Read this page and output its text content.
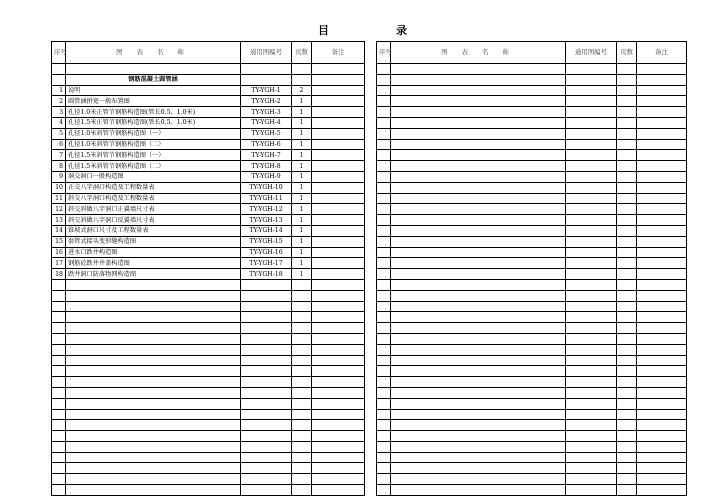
目	录
序号	图 表 名 称	通用图编号	页数	备注

	钢筋混凝土圆管涵			
1	说明	TY-YGH-1	2	
2	圆管涵拼宽一般布置图	TY-YGH-2	1	
3	孔径1.0米正管节钢筋构造图(管长0.5、1.0米)	TY-YGH-3	1	
4	孔径1.5米正管节钢筋构造图(管长0.5、1.0米)	TY-YGH-4	1	
5	孔径1.0米斜管节钢筋构造图（一）	TY-YGH-5	1	
6	孔径1.0米斜管节钢筋构造图（二）	TY-YGH-6	1	
7	孔径1.5米斜管节钢筋构造图（一）	TY-YGH-7	1	
8	孔径1.5米斜管节钢筋构造图（二）	TY-YGH-8	1	
9	洞交洞口一般构造图	TY-YGH-9	1	
10	正交八字洞口构造及工程数量表	TY-YGH-10	1	
11	斜交八字洞口构造及工程数量表	TY-YGH-11	1	
12	斜交斜做八字洞口正翼墙尺寸表	TY-YGH-12	1	
13	斜交斜做八字洞口反翼墙尺寸表	TY-YGH-13	1	
14	锥坡式洞口尺寸及工程数量表	TY-YGH-14	1	
15	套管式接头变形缝构造图	TY-YGH-15	1	
16	进水口跌井构造图	TY-YGH-16	1	
17	钢筋砼跌井井盖构造图	TY-YGH-17	1	
18	跌井洞口防落物网构造图	TY-YGH-18	1	

序号	图 表 名 称	通用图编号	页数	备注
